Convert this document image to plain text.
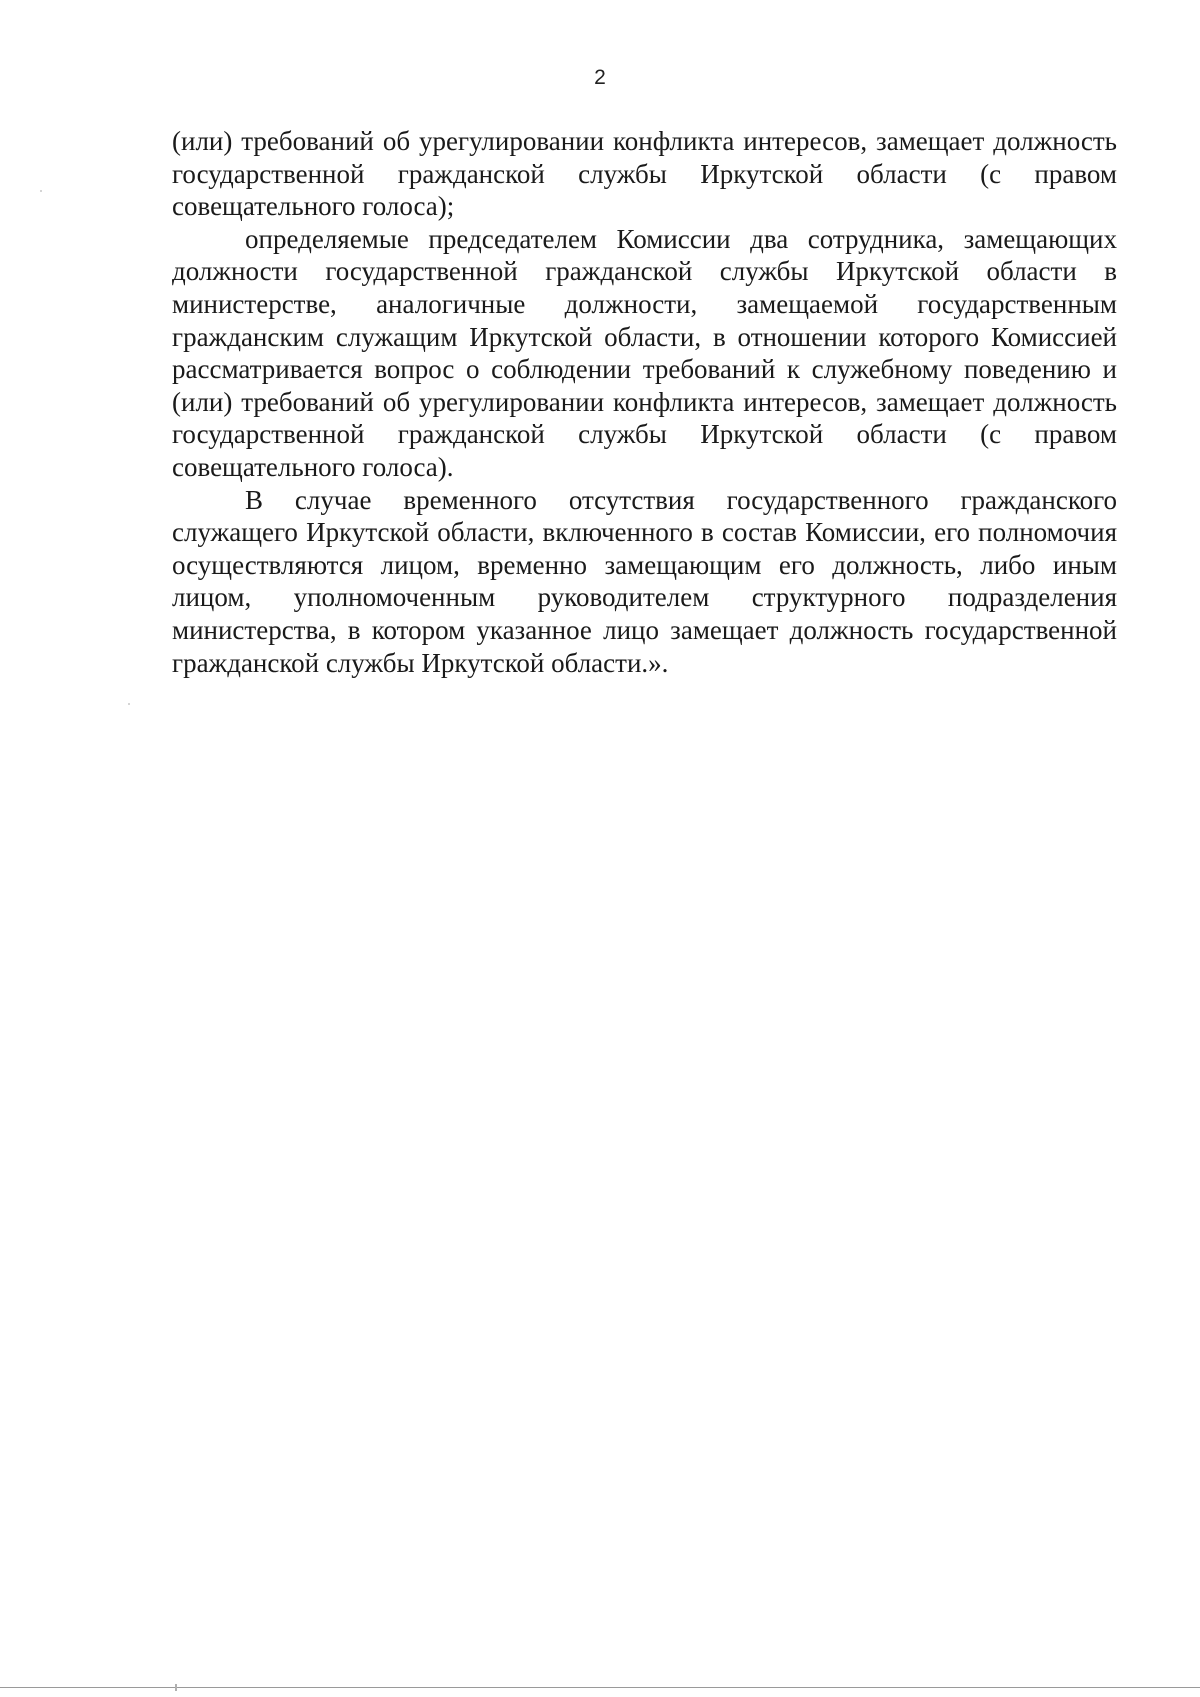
2

(или) требований об урегулировании конфликта интересов, замещает должность государственной гражданской службы Иркутской области (с правом совещательного голоса);

определяемые председателем Комиссии два сотрудника, замещающих должности государственной гражданской службы Иркутской области в министерстве, аналогичные должности, замещаемой государственным гражданским служащим Иркутской области, в отношении которого Комиссией рассматривается вопрос о соблюдении требований к служебному поведению и (или) требований об урегулировании конфликта интересов, замещает должность государственной гражданской службы Иркутской области (с правом совещательного голоса).

В случае временного отсутствия государственного гражданского служащего Иркутской области, включенного в состав Комиссии, его полномочия осуществляются лицом, временно замещающим его должность, либо иным лицом, уполномоченным руководителем структурного подразделения министерства, в котором указанное лицо замещает должность государственной гражданской службы Иркутской области.».
